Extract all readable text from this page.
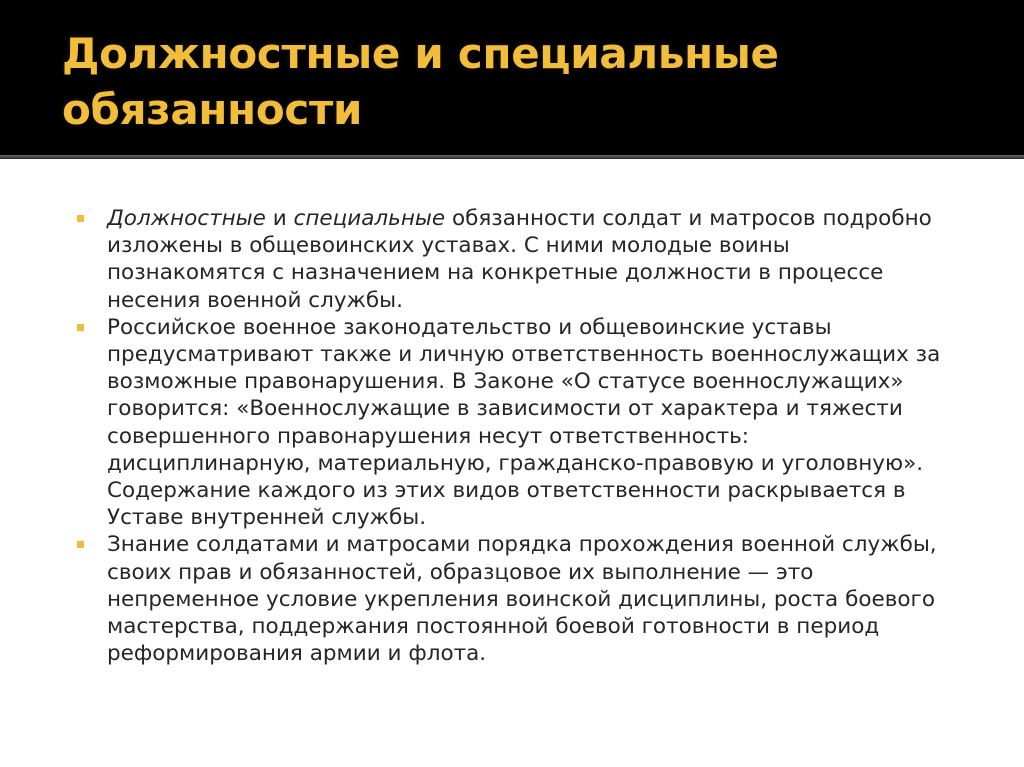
Должностные и специальные
обязанности
Должностные и специальные обязанности солдат и матросов подробно изложены в общевоинских уставах. С ними молодые воины познакомятся с назначением на конкретные должности в процессе несения военной службы.
Российское военное законодательство и общевоинские уставы предусматривают также и личную ответственность военнослужащих за возможные правонарушения. В Законе «О статусе военнослужащих» говорится: «Военнослужащие в зависимости от характера и тяжести совершенного правонарушения несут ответственность: дисциплинарную, материальную, гражданско-правовую и уголовную». Содержание каждого из этих видов ответственности раскрывается в Уставе внутренней службы.
Знание солдатами и матросами порядка прохождения военной службы, своих прав и обязанностей, образцовое их выполнение — это непременное условие укрепления воинской дисциплины, роста боевого мастерства, поддержания постоянной боевой готовности в период реформирования армии и флота.
